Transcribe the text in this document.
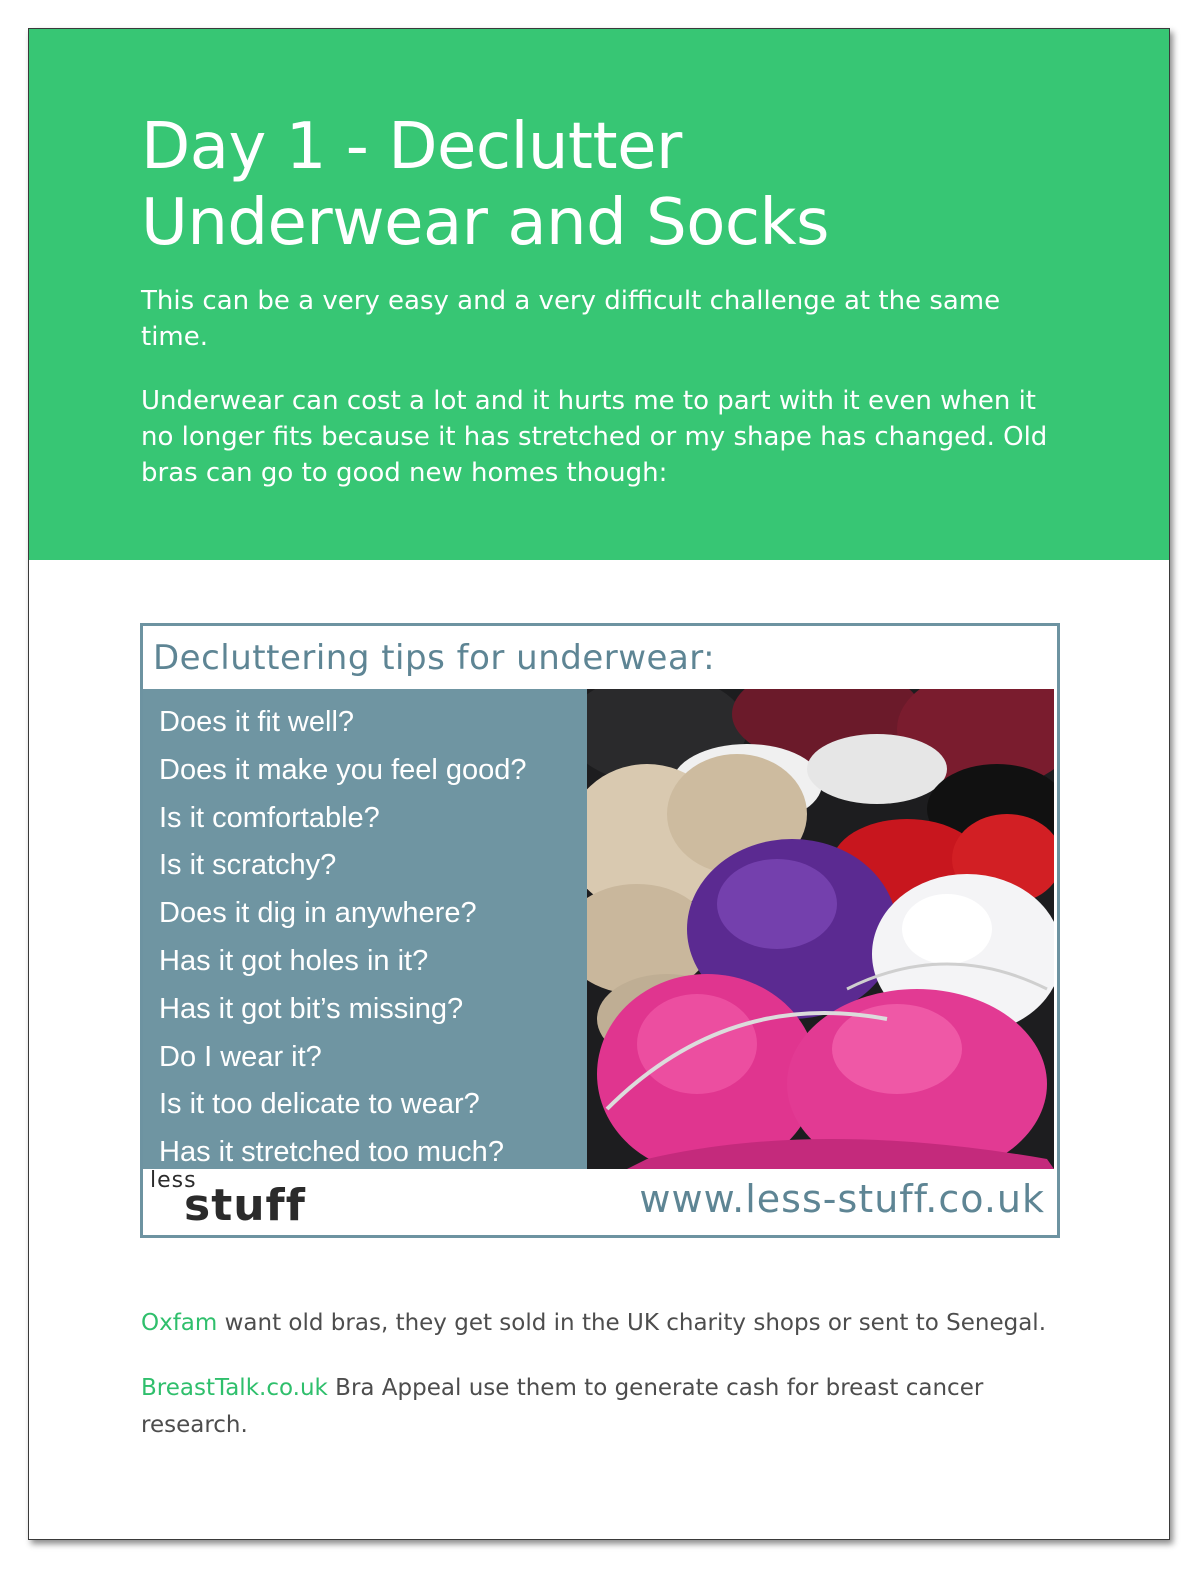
Day 1 - Declutter
Underwear and Socks

This can be a very easy and a very difficult challenge at the same time.

Underwear can cost a lot and it hurts me to part with it even when it no longer fits because it has stretched or my shape has changed. Old bras can go to good new homes though:

Decluttering tips for underwear:

Does it fit well?
Does it make you feel good?
Is it comfortable?
Is it scratchy?
Does it dig in anywhere?
Has it got holes in it?
Has it got bit’s missing?
Do I wear it?
Is it too delicate to wear?
Has it stretched too much?

less

stuff	www.less-stuff.co.uk

Oxfam want old bras, they get sold in the UK charity shops or sent to Senegal.

BreastTalk.co.uk Bra Appeal use them to generate cash for breast cancer research.
